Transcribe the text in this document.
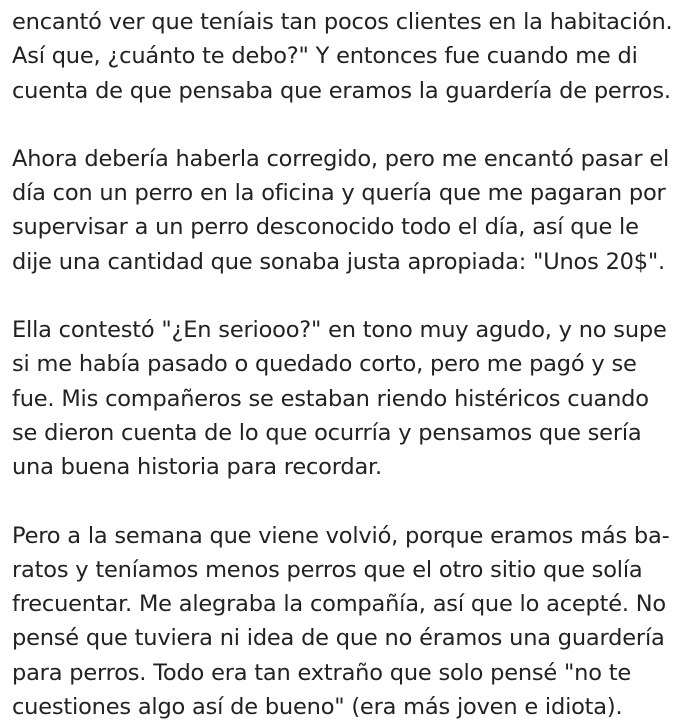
encantó ver que teníais tan pocos clientes en la habitación.
Así que, ¿cuánto te debo?" Y entonces fue cuando me di
cuenta de que pensaba que eramos la guardería de perros.
Ahora debería haberla corregido, pero me encantó pasar el
día con un perro en la oficina y quería que me pagaran por
supervisar a un perro desconocido todo el día, así que le
dije una cantidad que sonaba justa apropiada: "Unos 20$".
Ella contestó "¿En seriooo?" en tono muy agudo, y no supe
si me había pasado o quedado corto, pero me pagó y se
fue. Mis compañeros se estaban riendo histéricos cuando
se dieron cuenta de lo que ocurría y pensamos que sería
una buena historia para recordar.
Pero a la semana que viene volvió, porque eramos más ba-
ratos y teníamos menos perros que el otro sitio que solía
frecuentar. Me alegraba la compañía, así que lo acepté. No
pensé que tuviera ni idea de que no éramos una guardería
para perros. Todo era tan extraño que solo pensé "no te
cuestiones algo así de bueno" (era más joven e idiota).
